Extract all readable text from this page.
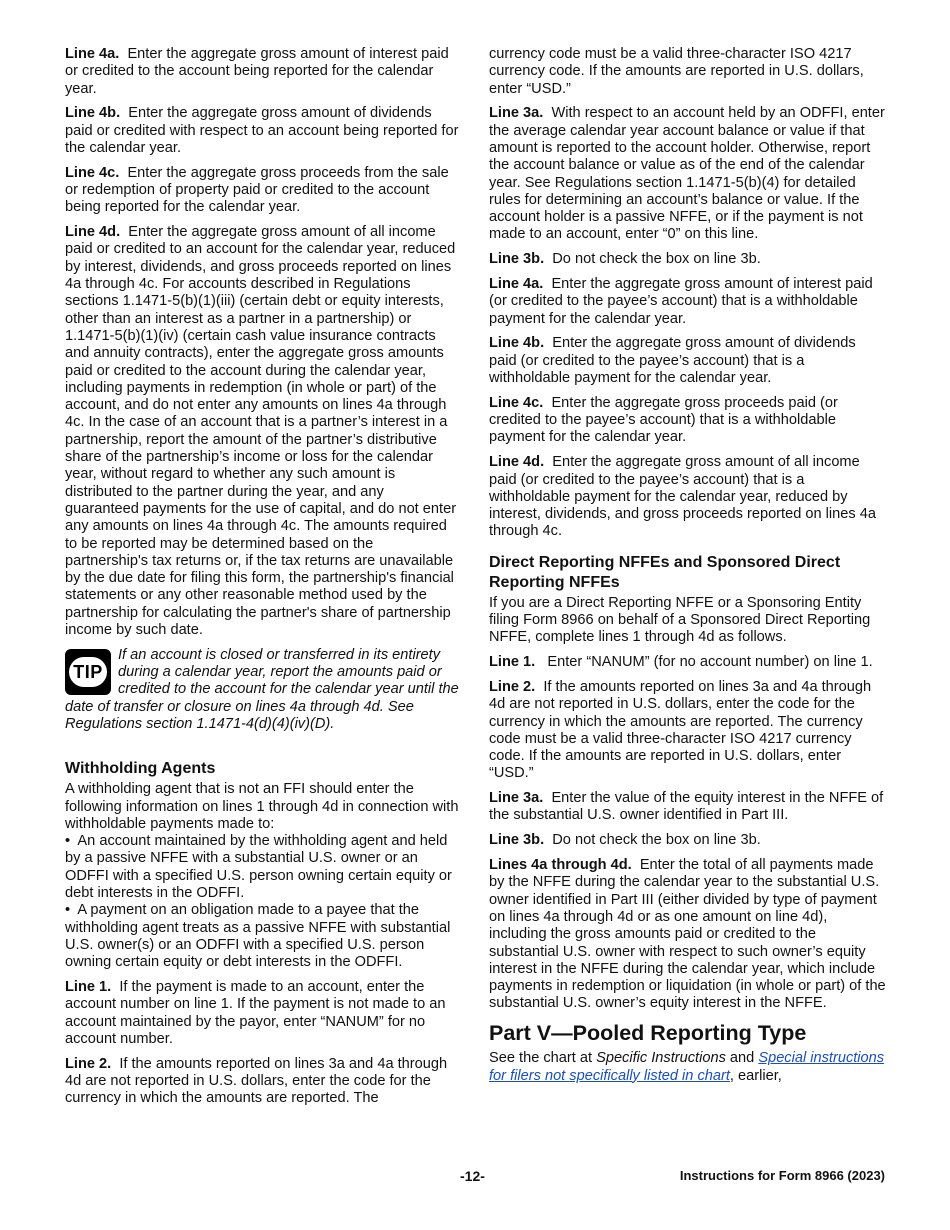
Line 4a. Enter the aggregate gross amount of interest paid or credited to the account being reported for the calendar year.

Line 4b. Enter the aggregate gross amount of dividends paid or credited with respect to an account being reported for the calendar year.

Line 4c. Enter the aggregate gross proceeds from the sale or redemption of property paid or credited to the account being reported for the calendar year.

Line 4d. Enter the aggregate gross amount of all income paid or credited to an account for the calendar year, reduced by interest, dividends, and gross proceeds reported on lines 4a through 4c. For accounts described in Regulations sections 1.1471-5(b)(1)(iii) (certain debt or equity interests, other than an interest as a partner in a partnership) or 1.1471-5(b)(1)(iv) (certain cash value insurance contracts and annuity contracts), enter the aggregate gross amounts paid or credited to the account during the calendar year, including payments in redemption (in whole or part) of the account, and do not enter any amounts on lines 4a through 4c. In the case of an account that is a partner’s interest in a partnership, report the amount of the partner’s distributive share of the partnership’s income or loss for the calendar year, without regard to whether any such amount is distributed to the partner during the year, and any guaranteed payments for the use of capital, and do not enter any amounts on lines 4a through 4c. The amounts required to be reported may be determined based on the partnership's tax returns or, if the tax returns are unavailable by the due date for filing this form, the partnership's financial statements or any other reasonable method used by the partnership for calculating the partner's share of partnership income by such date.

TIP
If an account is closed or transferred in its entirety during a calendar year, report the amounts paid or credited to the account for the calendar year until the date of transfer or closure on lines 4a through 4d. See Regulations section 1.1471-4(d)(4)(iv)(D).
Withholding Agents

A withholding agent that is not an FFI should enter the following information on lines 1 through 4d in connection with withholdable payments made to:

• An account maintained by the withholding agent and held by a passive NFFE with a substantial U.S. owner or an ODFFI with a specified U.S. person owning certain equity or debt interests in the ODFFI.

• A payment on an obligation made to a payee that the withholding agent treats as a passive NFFE with substantial U.S. owner(s) or an ODFFI with a specified U.S. person owning certain equity or debt interests in the ODFFI.

Line 1. If the payment is made to an account, enter the account number on line 1. If the payment is not made to an account maintained by the payor, enter “NANUM” for no account number.

Line 2. If the amounts reported on lines 3a and 4a through 4d are not reported in U.S. dollars, enter the code for the currency in which the amounts are reported. The

currency code must be a valid three-character ISO 4217 currency code. If the amounts are reported in U.S. dollars, enter “USD.”

Line 3a. With respect to an account held by an ODFFI, enter the average calendar year account balance or value if that amount is reported to the account holder. Otherwise, report the account balance or value as of the end of the calendar year. See Regulations section 1.1471-5(b)(4) for detailed rules for determining an account’s balance or value. If the account holder is a passive NFFE, or if the payment is not made to an account, enter “0” on this line.

Line 3b. Do not check the box on line 3b.

Line 4a. Enter the aggregate gross amount of interest paid (or credited to the payee’s account) that is a withholdable payment for the calendar year.

Line 4b. Enter the aggregate gross amount of dividends paid (or credited to the payee’s account) that is a withholdable payment for the calendar year.

Line 4c. Enter the aggregate gross proceeds paid (or credited to the payee’s account) that is a withholdable payment for the calendar year.

Line 4d. Enter the aggregate gross amount of all income paid (or credited to the payee’s account) that is a withholdable payment for the calendar year, reduced by interest, dividends, and gross proceeds reported on lines 4a through 4c.

Direct Reporting NFFEs and Sponsored Direct Reporting NFFEs

If you are a Direct Reporting NFFE or a Sponsoring Entity filing Form 8966 on behalf of a Sponsored Direct Reporting NFFE, complete lines 1 through 4d as follows.

Line 1. Enter “NANUM” (for no account number) on line 1.

Line 2. If the amounts reported on lines 3a and 4a through 4d are not reported in U.S. dollars, enter the code for the currency in which the amounts are reported. The currency code must be a valid three-character ISO 4217 currency code. If the amounts are reported in U.S. dollars, enter “USD.”

Line 3a. Enter the value of the equity interest in the NFFE of the substantial U.S. owner identified in Part III.

Line 3b. Do not check the box on line 3b.

Lines 4a through 4d. Enter the total of all payments made by the NFFE during the calendar year to the substantial U.S. owner identified in Part III (either divided by type of payment on lines 4a through 4d or as one amount on line 4d), including the gross amounts paid or credited to the substantial U.S. owner with respect to such owner’s equity interest in the NFFE during the calendar year, which include payments in redemption or liquidation (in whole or part) of the substantial U.S. owner’s equity interest in the NFFE.

Part V—Pooled Reporting Type

See the chart at Specific Instructions and Special instructions for filers not specifically listed in chart, earlier,

-12-	Instructions for Form 8966 (2023)
